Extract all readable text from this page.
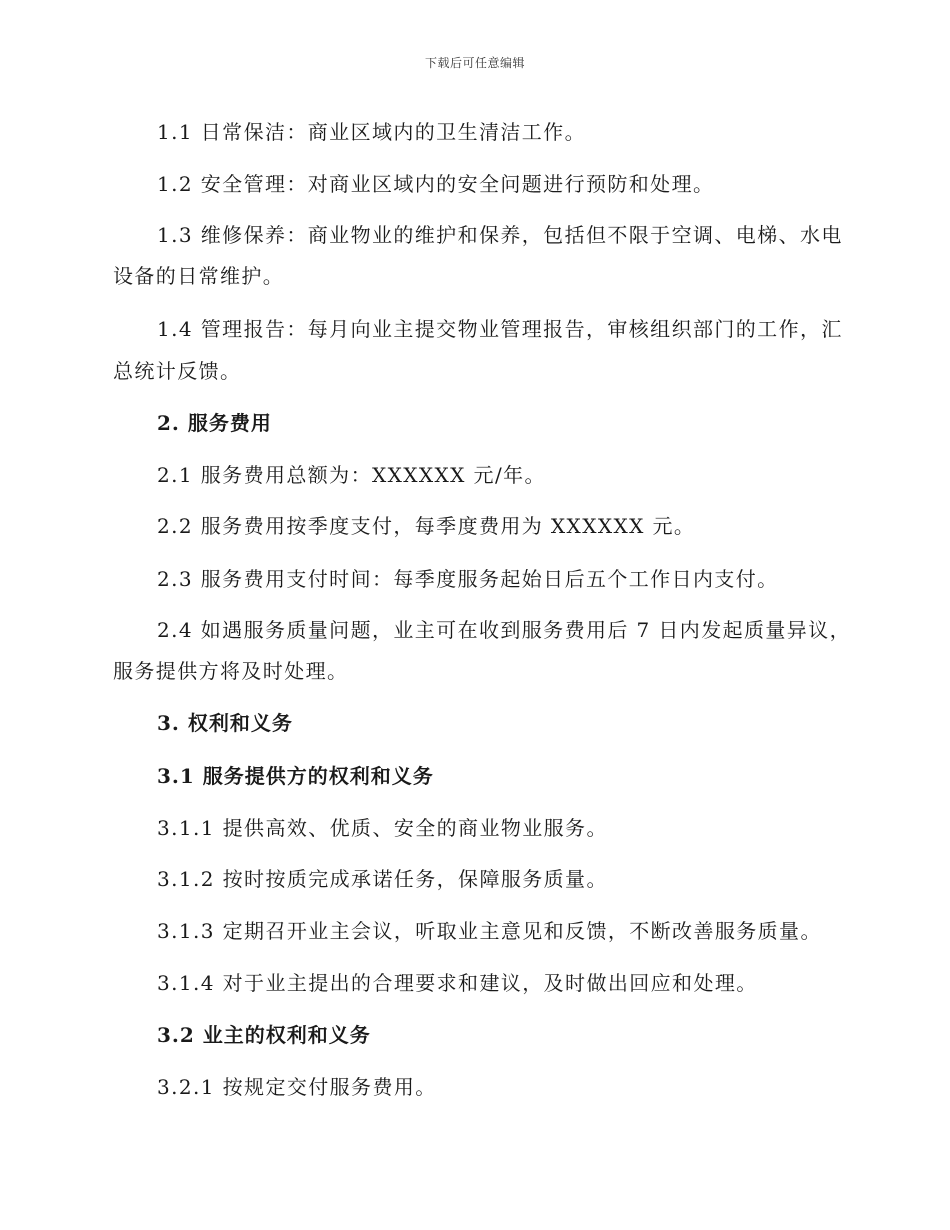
下载后可任意编辑
1.1 日常保洁：商业区域内的卫生清洁工作。
1.2 安全管理：对商业区域内的安全问题进行预防和处理。
1.3 维修保养：商业物业的维护和保养，包括但不限于空调、电梯、水电
设备的日常维护。
1.4 管理报告：每月向业主提交物业管理报告，审核组织部门的工作，汇
总统计反馈。
2. 服务费用
2.1 服务费用总额为：XXXXXX 元/年。
2.2 服务费用按季度支付，每季度费用为 XXXXXX 元。
2.3 服务费用支付时间：每季度服务起始日后五个工作日内支付。
2.4 如遇服务质量问题，业主可在收到服务费用后 7 日内发起质量异议，
服务提供方将及时处理。
3. 权利和义务
3.1 服务提供方的权利和义务
3.1.1 提供高效、优质、安全的商业物业服务。
3.1.2 按时按质完成承诺任务，保障服务质量。
3.1.3 定期召开业主会议，听取业主意见和反馈，不断改善服务质量。
3.1.4 对于业主提出的合理要求和建议，及时做出回应和处理。
3.2 业主的权利和义务
3.2.1 按规定交付服务费用。
